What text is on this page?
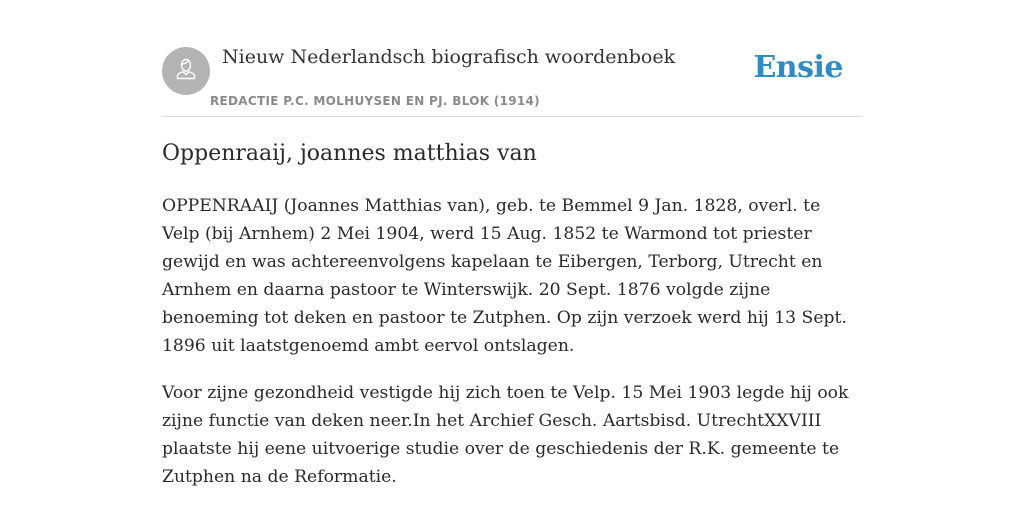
Nieuw Nederlandsch biografisch woordenboek
REDACTIE P.C. MOLHUYSEN EN PJ. BLOK (1914)
Ensie
Oppenraaij, joannes matthias van

OPPENRAAIJ (Joannes Matthias van), geb. te Bemmel 9 Jan. 1828, overl. te Velp (bij Arnhem) 2 Mei 1904, werd 15 Aug. 1852 te Warmond tot priester gewijd en was achtereenvolgens kapelaan te Eibergen, Terborg, Utrecht en Arnhem en daarna pastoor te Winterswijk. 20 Sept. 1876 volgde zijne benoeming tot deken en pastoor te Zutphen. Op zijn verzoek werd hij 13 Sept. 1896 uit laatstgenoemd ambt eervol ontslagen.

Voor zijne gezondheid vestigde hij zich toen te Velp. 15 Mei 1903 legde hij ook zijne functie van deken neer.In het Archief Gesch. Aartsbisd. UtrechtXXVIII plaatste hij eene uitvoerige studie over de geschiedenis der R.K. gemeente te Zutphen na de Reformatie.
